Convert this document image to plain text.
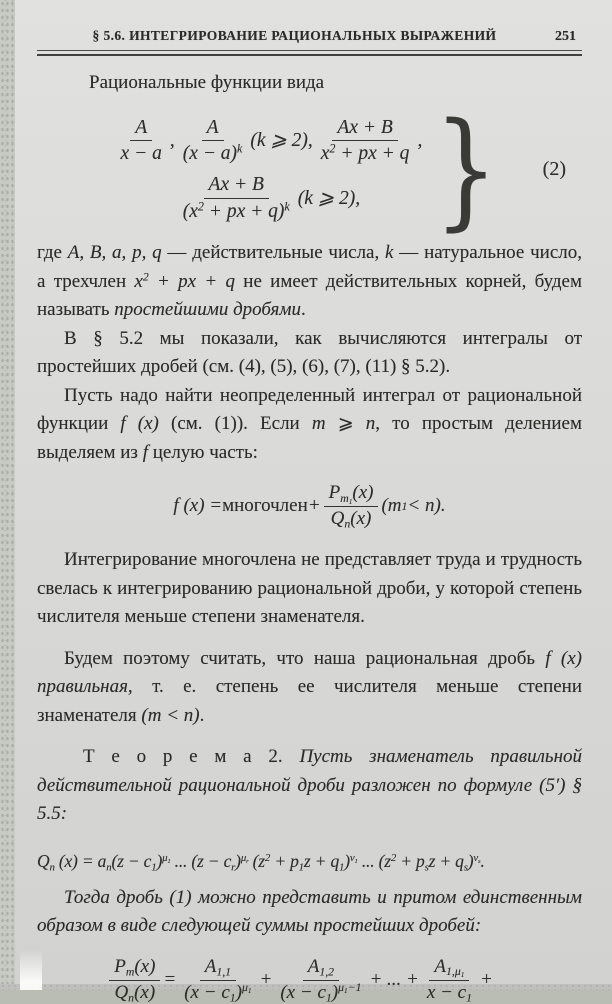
§ 5.6. ИНТЕГРИРОВАНИЕ РАЦИОНАЛЬНЫХ ВЫРАЖЕНИЙ	251

Рациональные функции вида

$\frac{A}{x - a}$ , $\frac{A}{(x - a)^k} (k$ ⩾ 2), $\frac{Ax + B}{x^2 + px + q}$ ,
$\frac{Ax + B}{(x^2 + px + q)^k} (k$ ⩾ 2), } (2)

где A, B, a, p, q — действительные числа, k — натуральное число, а трехчлен $x^2$ + px + q не имеет действительных корней, будем называть простейшими дробями.

В § 5.2 мы показали, как вычисляются интегралы от простейших дробей (см. (4), (5), (6), (7), (11) § 5.2).

Пусть надо найти неопределенный интеграл от рациональной функции f (x) (см. (1)). Если m ⩾ n, то простым делением выделяем из f целую часть:

f (x) = многочлен + $\frac{P_{m_1}(x)}{Q_n(x)} (m$ 1 < n).

Интегрирование многочлена не представляет труда и трудность свелась к интегрированию рациональной дроби, у которой степень числителя меньше степени знаменателя.

Будем поэтому считать, что наша рациональная дробь f (x) правильная, т. е. степень ее числителя меньше степени знаменателя (m < n).

Т е о р е м а 2. Пусть знаменатель правильной действительной рациональной дроби разложен по формуле (5′) § 5.5:

$Q_n$ $(x) = a_n(z - c_1)^{\mu_1}$ ... $(z - c_r)^{\mu_r}$ $(z^2 + p_1z + q_1)^{\nu_1}$ ... $(z^2 + p_sz + q_s)^{\nu_s}$.

Тогда дробь (1) можно представить и притом единственным образом в виде следующей суммы простейших дробей:

$\frac{P_m(x)}{Q_n(x)} = \frac{A_{1,1}}{(x - c_1)^{\mu_1}} + \frac{A_{1,2}}{(x - c_1)^{\mu_1-1}}$ + ... + $\frac{A_{1,\mu_1}}{x - c_1}$ +
